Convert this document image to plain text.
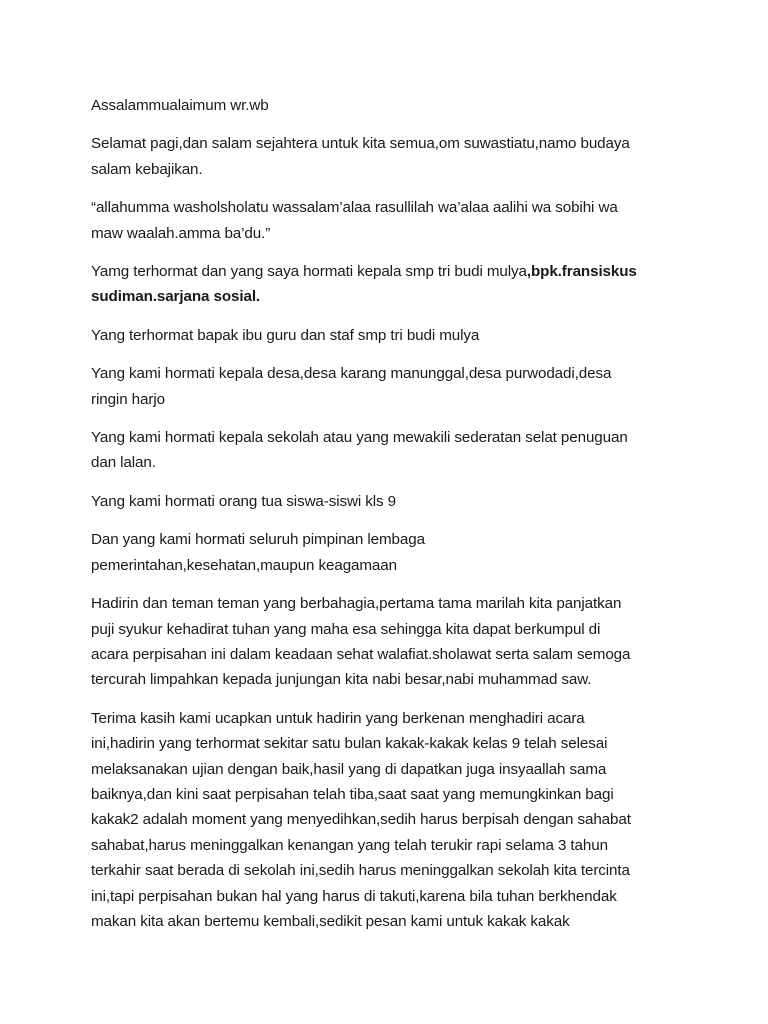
Assalammualaimum wr.wb
Selamat pagi,dan salam sejahtera untuk kita semua,om suwastiatu,namo budaya
salam kebajikan.
“allahumma washolsholatu wassalam’alaa rasullilah wa’alaa aalihi wa sobihi wa
maw waalah.amma ba’du.”
Yamg terhormat dan yang saya hormati kepala smp tri budi mulya,bpk.fransiskus
sudiman.sarjana sosial.
Yang terhormat bapak ibu guru dan staf smp tri budi mulya
Yang kami hormati kepala desa,desa karang manunggal,desa purwodadi,desa
ringin harjo
Yang kami hormati kepala sekolah atau yang mewakili sederatan selat penuguan
dan lalan.
Yang kami hormati orang tua siswa-siswi kls 9
Dan yang kami hormati seluruh pimpinan lembaga
pemerintahan,kesehatan,maupun keagamaan
Hadirin dan teman teman yang berbahagia,pertama tama marilah kita panjatkan
puji syukur kehadirat tuhan yang maha esa sehingga kita dapat berkumpul di
acara perpisahan ini dalam keadaan sehat walafiat.sholawat serta salam semoga
tercurah limpahkan kepada junjungan kita nabi besar,nabi muhammad saw.
Terima kasih kami ucapkan untuk hadirin yang berkenan menghadiri acara
ini,hadirin yang terhormat sekitar satu bulan kakak-kakak kelas 9 telah selesai
melaksanakan ujian dengan baik,hasil yang di dapatkan juga insyaallah sama
baiknya,dan kini saat perpisahan telah tiba,saat saat yang memungkinkan bagi
kakak2 adalah moment yang menyedihkan,sedih harus berpisah dengan sahabat
sahabat,harus meninggalkan kenangan yang telah terukir rapi selama 3 tahun
terkahir saat berada di sekolah ini,sedih harus meninggalkan sekolah kita tercinta
ini,tapi perpisahan bukan hal yang harus di takuti,karena bila tuhan berkhendak
makan kita akan bertemu kembali,sedikit pesan kami untuk kakak kakak
